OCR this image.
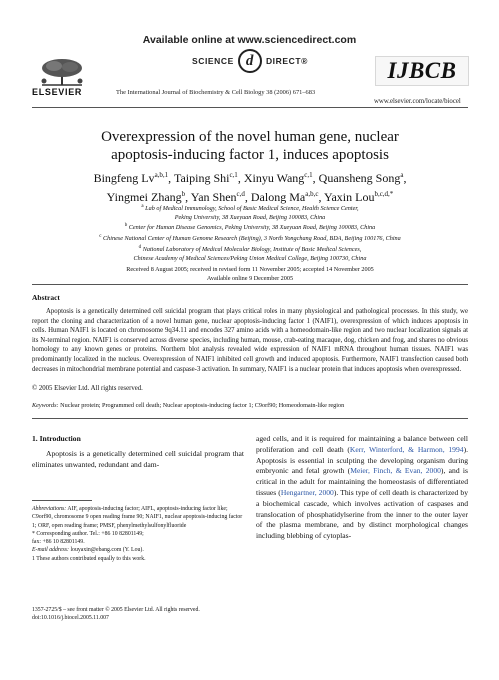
Available online at www.sciencedirect.com
SCIENCE d	DIRECT®
ELSEVIER	The International Journal of Biochemistry & Cell Biology 38 (2006) 671–683
IJBCB
www.elsevier.com/locate/biocel
Overexpression of the novel human gene, nuclear
apoptosis-inducing factor 1, induces apoptosis
Bingfeng Lv$^{a,b,1}$, Taiping Shi$^{c,1}$, Xinyu Wang$^{c,1}$, Quansheng Song$^a$,
Yingmei Zhang$^b$, Yan Shen$^{c,d}$, Dalong Ma$^{a,b,c}$, Yaxin Lou$^{b,c,d,*}$
$^a$ Lab of Medical Immunology, School of Basic Medical Science, Health Science Center,
Peking University, 38 Xueyuan Road, Beijing 100083, China
$^b$ Center for Human Disease Genomics, Peking University, 38 Xueyuan Road, Beijing 100083, China
$^c$ Chinese National Center of Human Genome Research (Beijing), 3 North Yongchang Road, BDA, Beijing 100176, China
$^d$ National Laboratory of Medical Molecular Biology, Institute of Basic Medical Sciences,
Chinese Academy of Medical Sciences/Peking Union Medical College, Beijing 100730, China
Received 8 August 2005; received in revised form 11 November 2005; accepted 14 November 2005
Available online 9 December 2005
Abstract

Apoptosis is a genetically determined cell suicidal program that plays critical roles in many physiological and pathological processes. In this study, we report the cloning and characterization of a novel human gene, nuclear apoptosis-inducing factor 1 (NAIF1), overexpression of which induces apoptosis in cells. Human NAIF1 is located on chromosome 9q34.11 and encodes 327 amino acids with a homeodomain-like region and two nuclear localization signals at its N-terminal region. NAIF1 is conserved across diverse species, including human, mouse, crab-eating macaque, dog, chicken and frog, and shares no obvious homology to any known genes or proteins. Northern blot analysis revealed wide expression of NAIF1 mRNA throughout human tissues. NAIF1 was predominantly localized in the nucleus. Overexpression of NAIF1 inhibited cell growth and induced apoptosis. Furthermore, NAIF1 transfection caused both decreases in mitochondrial membrane potential and caspase-3 activation. In summary, NAIF1 is a nuclear protein that induces apoptosis when overexpressed.

© 2005 Elsevier Ltd. All rights reserved.
Keywords: Nuclear protein; Programmed cell death; Nuclear apoptosis-inducing factor 1; C9orf90; Homeodomain-like region
1. Introduction

Apoptosis is a genetically determined cell suicidal program that eliminates unwanted, redundant and dam-

aged cells, and it is required for maintaining a balance between cell proliferation and cell death (Kerr, Winterford, & Harmon, 1994). Apoptosis is essential in sculpting the developing organism during embryonic and fetal growth (Meier, Finch, & Evan, 2000), and is critical in the adult for maintaining the homeostasis of differentiated tissues (Hengartner, 2000). This type of cell death is characterized by a biochemical cascade, which involves activation of caspases and translocation of phosphatidylserine from the inner to the outer layer of the plasma membrane, and by distinct morphological changes including blebbing of cytoplas-

Abbreviations: AIF, apoptosis-inducing factor; AIFL, apoptosis-inducing factor like; C9orf90, chromosome 9 open reading frame 90; NAIF1, nuclear apoptosis-inducing factor 1; ORF, open reading frame; PMSF, phenylmethylsulfonylfluoride
* Corresponding author. Tel.: +86 10 82801149;
fax: +86 10 82801149.
E-mail address: louyaxin@ebang.com (Y. Lou).
1 These authors contributed equally to this work.
1357-2725/$ – see front matter © 2005 Elsevier Ltd. All rights reserved.
doi:10.1016/j.biocel.2005.11.007
